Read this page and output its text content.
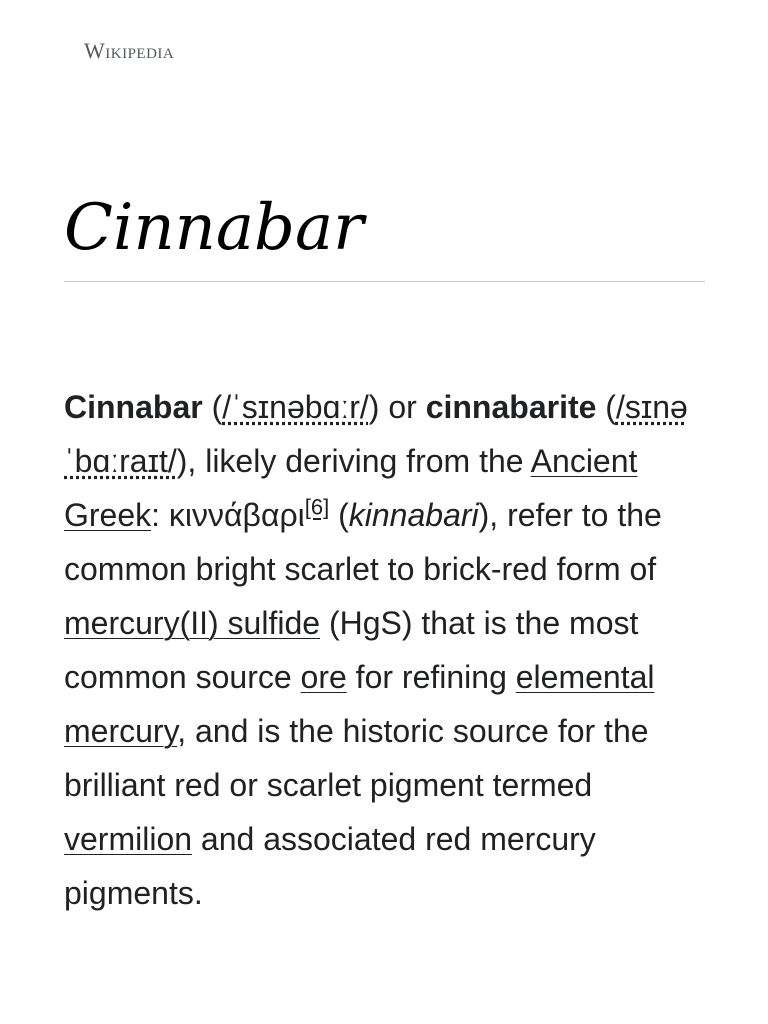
Wikipedia
Cinnabar

Cinnabar (/ˈsɪnəbɑːr/) or cinnabarite (/sɪnəˈbɑːraɪt/), likely deriving from the Ancient Greek: κιννάβαρι[6] (kinnabari), refer to the common bright scarlet to brick-red form of mercury(II) sulfide (HgS) that is the most common source ore for refining elemental mercury, and is the historic source for the brilliant red or scarlet pigment termed vermilion and associated red mercury pigments.
